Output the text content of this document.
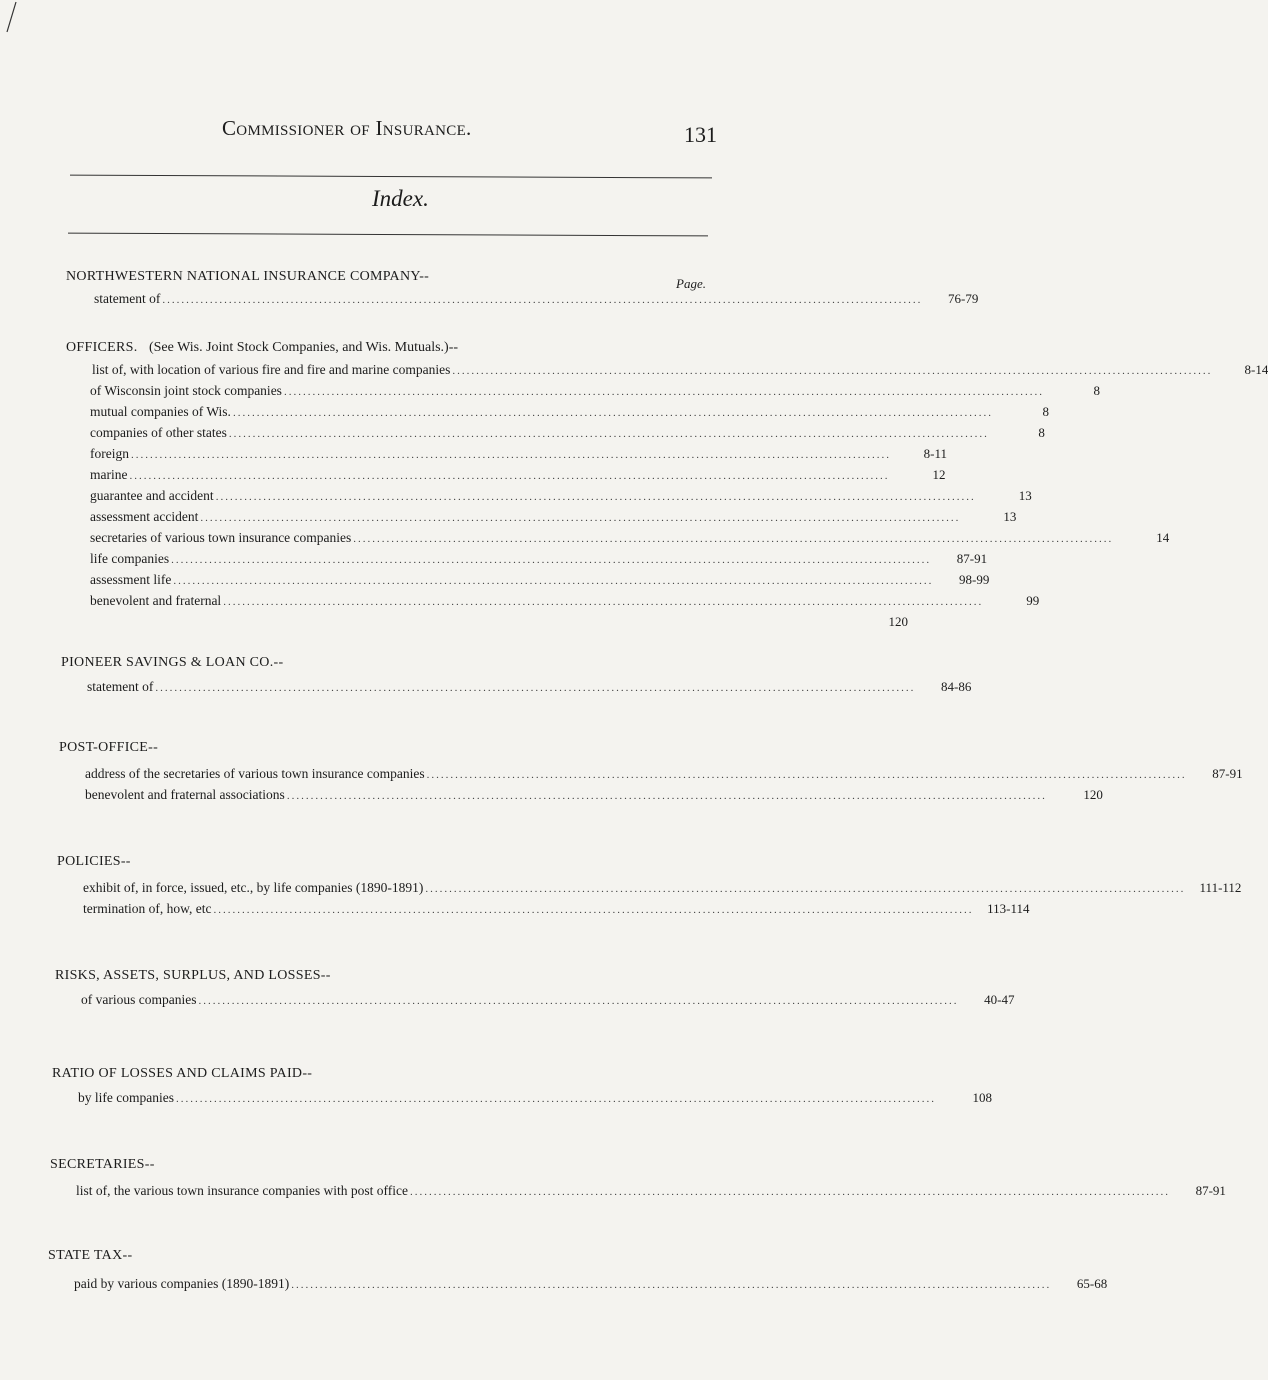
Commissioner of Insurance.	131
Index.
Page.
NORTHWESTERN NATIONAL INSURANCE COMPANY--
statement of ................................................................................................................................................................	76-79
OFFICERS. (See Wis. Joint Stock Companies, and Wis. Mutuals.)--
list of, with location of various fire and fire and marine companies ................................................................................................................................................................	8-14
of Wisconsin joint stock companies ................................................................................................................................................................	8
mutual companies of Wis. ................................................................................................................................................................	8
companies of other states ................................................................................................................................................................	8
foreign ................................................................................................................................................................	8-11
marine ................................................................................................................................................................	12
guarantee and accident ................................................................................................................................................................	13
assessment accident ................................................................................................................................................................	13
secretaries of various town insurance companies ................................................................................................................................................................	14
life companies ................................................................................................................................................................	87-91
assessment life ................................................................................................................................................................	98-99
benevolent and fraternal ................................................................................................................................................................	99
120
PIONEER SAVINGS & LOAN CO.--
statement of ................................................................................................................................................................	84-86
POST-OFFICE--
address of the secretaries of various town insurance companies ................................................................................................................................................................	87-91
benevolent and fraternal associations ................................................................................................................................................................	120
POLICIES--
exhibit of, in force, issued, etc., by life companies (1890-1891) ................................................................................................................................................................	111-112
termination of, how, etc ................................................................................................................................................................	113-114
RISKS, ASSETS, SURPLUS, AND LOSSES--
of various companies ................................................................................................................................................................	40-47
RATIO OF LOSSES AND CLAIMS PAID--
by life companies ................................................................................................................................................................	108
SECRETARIES--
list of, the various town insurance companies with post office ................................................................................................................................................................	87-91
STATE TAX--
paid by various companies (1890-1891) ................................................................................................................................................................	65-68
